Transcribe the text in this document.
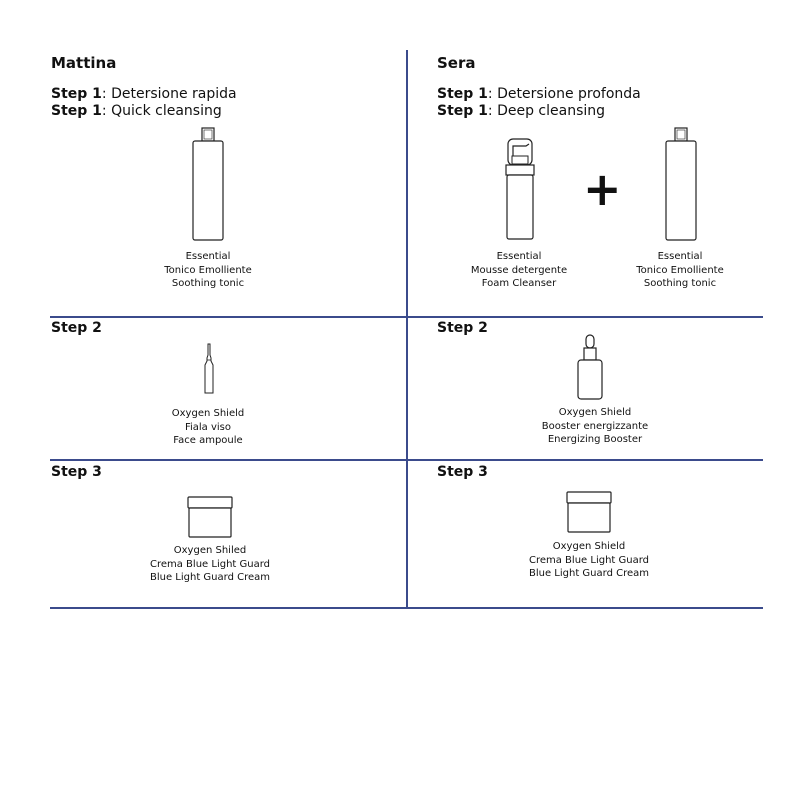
Mattina
Step 1: Detersione rapida
Step 1: Quick cleansing
Essential
Tonico Emolliente
Soothing tonic
Step 2
Oxygen Shield
Fiala viso
Face ampoule
Step 3
Oxygen Shiled
Crema Blue Light Guard
Blue Light Guard Cream
Sera
Step 1: Detersione profonda
Step 1: Deep cleansing
+
Essential
Mousse detergente
Foam Cleanser
Essential
Tonico Emolliente
Soothing tonic
Step 2
Oxygen Shield
Booster energizzante
Energizing Booster
Step 3
Oxygen Shield
Crema Blue Light Guard
Blue Light Guard Cream
